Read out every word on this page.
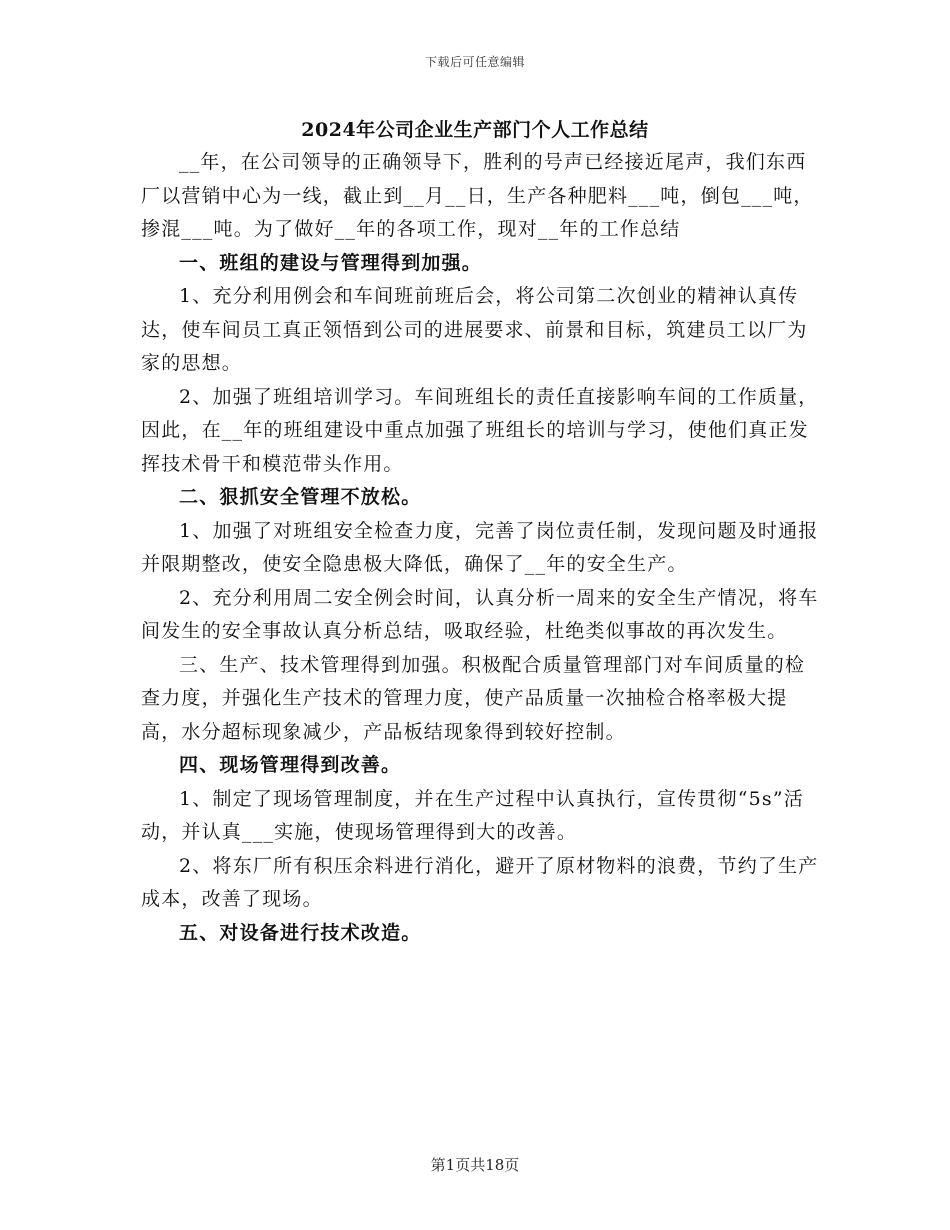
下载后可任意编辑
2024年公司企业生产部门个人工作总结

__年，在公司领导的正确领导下，胜利的号声已经接近尾声，我们东西厂以营销中心为一线，截止到__月__日，生产各种肥料___吨，倒包___吨，掺混___吨。为了做好__年的各项工作，现对__年的工作总结

一、班组的建设与管理得到加强。

1、充分利用例会和车间班前班后会，将公司第二次创业的精神认真传达，使车间员工真正领悟到公司的进展要求、前景和目标，筑建员工以厂为家的思想。

2、加强了班组培训学习。车间班组长的责任直接影响车间的工作质量，因此，在__年的班组建设中重点加强了班组长的培训与学习，使他们真正发挥技术骨干和模范带头作用。

二、狠抓安全管理不放松。

1、加强了对班组安全检查力度，完善了岗位责任制，发现问题及时通报并限期整改，使安全隐患极大降低，确保了__年的安全生产。

2、充分利用周二安全例会时间，认真分析一周来的安全生产情况，将车间发生的安全事故认真分析总结，吸取经验，杜绝类似事故的再次发生。

三、生产、技术管理得到加强。积极配合质量管理部门对车间质量的检查力度，并强化生产技术的管理力度，使产品质量一次抽检合格率极大提高，水分超标现象减少，产品板结现象得到较好控制。

四、现场管理得到改善。

1、制定了现场管理制度，并在生产过程中认真执行，宣传贯彻“5s”活动，并认真___实施，使现场管理得到大的改善。

2、将东厂所有积压余料进行消化，避开了原材物料的浪费，节约了生产成本，改善了现场。

五、对设备进行技术改造。

第1页共18页
